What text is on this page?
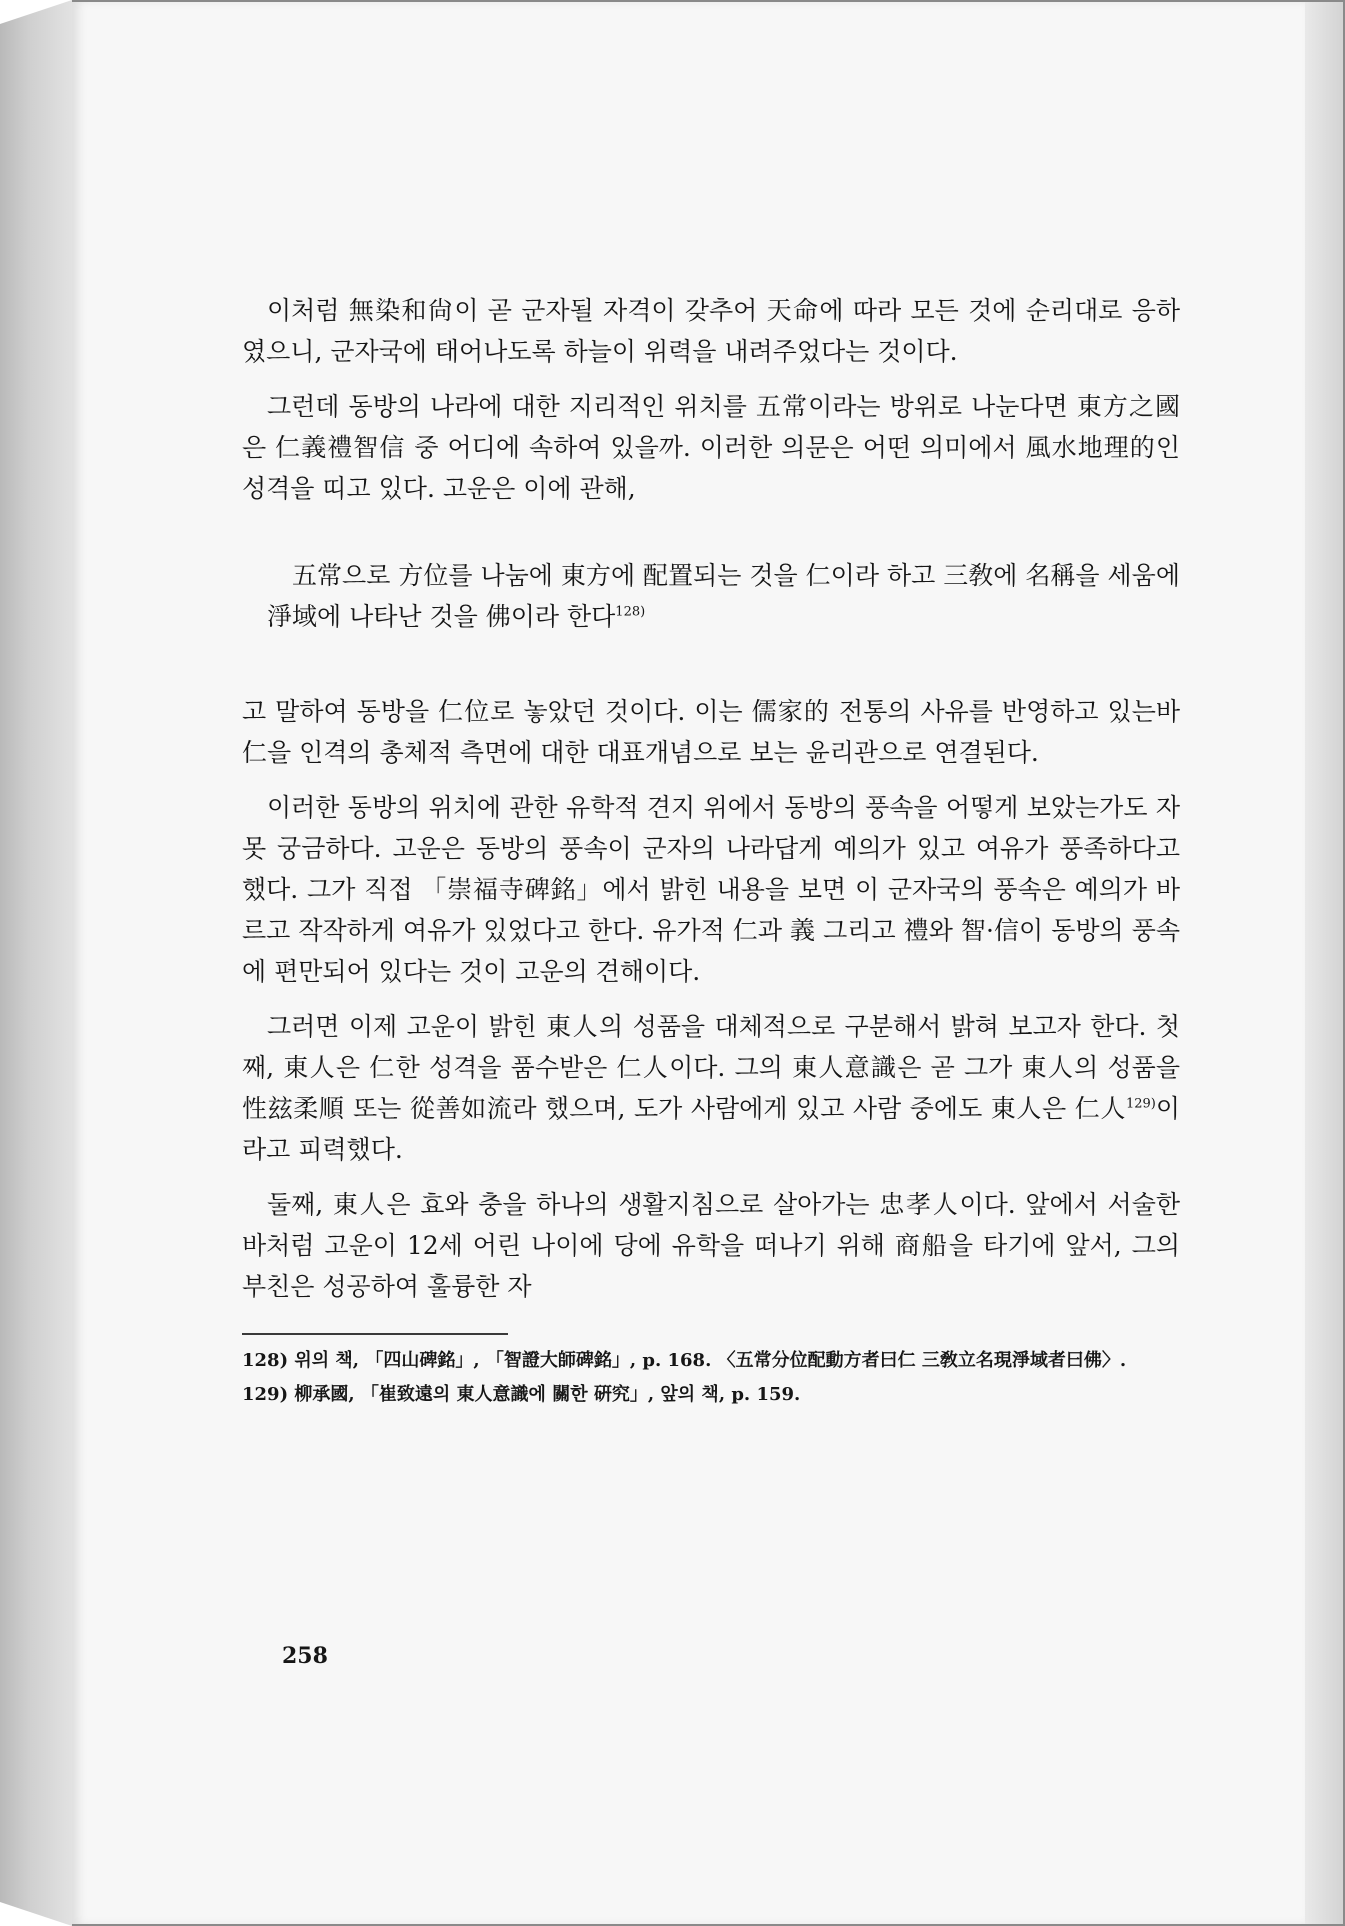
이처럼 無染和尙이 곧 군자될 자격이 갖추어 天命에 따라 모든 것에 순리대로 응하였으니, 군자국에 태어나도록 하늘이 위력을 내려주었다는 것이다.

그런데 동방의 나라에 대한 지리적인 위치를 五常이라는 방위로 나눈다면 東方之國은 仁義禮智信 중 어디에 속하여 있을까. 이러한 의문은 어떤 의미에서 風水地理的인 성격을 띠고 있다. 고운은 이에 관해,

五常으로 方位를 나눔에 東方에 配置되는 것을 仁이라 하고 三敎에 名稱을 세움에 淨域에 나타난 것을 佛이라 한다$^{128)}$

고 말하여 동방을 仁位로 놓았던 것이다. 이는 儒家的 전통의 사유를 반영하고 있는바 仁을 인격의 총체적 측면에 대한 대표개념으로 보는 윤리관으로 연결된다.

이러한 동방의 위치에 관한 유학적 견지 위에서 동방의 풍속을 어떻게 보았는가도 자못 궁금하다. 고운은 동방의 풍속이 군자의 나라답게 예의가 있고 여유가 풍족하다고 했다. 그가 직접 「崇福寺碑銘」에서 밝힌 내용을 보면 이 군자국의 풍속은 예의가 바르고 작작하게 여유가 있었다고 한다. 유가적 仁과 義 그리고 禮와 智·信이 동방의 풍속에 편만되어 있다는 것이 고운의 견해이다.

그러면 이제 고운이 밝힌 東人의 성품을 대체적으로 구분해서 밝혀 보고자 한다. 첫째, 東人은 仁한 성격을 품수받은 仁人이다. 그의 東人意識은 곧 그가 東人의 성품을 性玆柔順 또는 從善如流라 했으며, 도가 사람에게 있고 사람 중에도 東人은 仁人$^{129)}$이라고 피력했다.

둘째, 東人은 효와 충을 하나의 생활지침으로 살아가는 忠孝人이다. 앞에서 서술한 바처럼 고운이 12세 어린 나이에 당에 유학을 떠나기 위해 商船을 타기에 앞서, 그의 부친은 성공하여 훌륭한 자

128) 위의 책, 「四山碑銘」, 「智證大師碑銘」, p. 168. 〈五常分位配動方者曰仁 三敎立名現淨域者曰佛〉.

129) 柳承國, 「崔致遠의 東人意識에 關한 硏究」, 앞의 책, p. 159.

258
